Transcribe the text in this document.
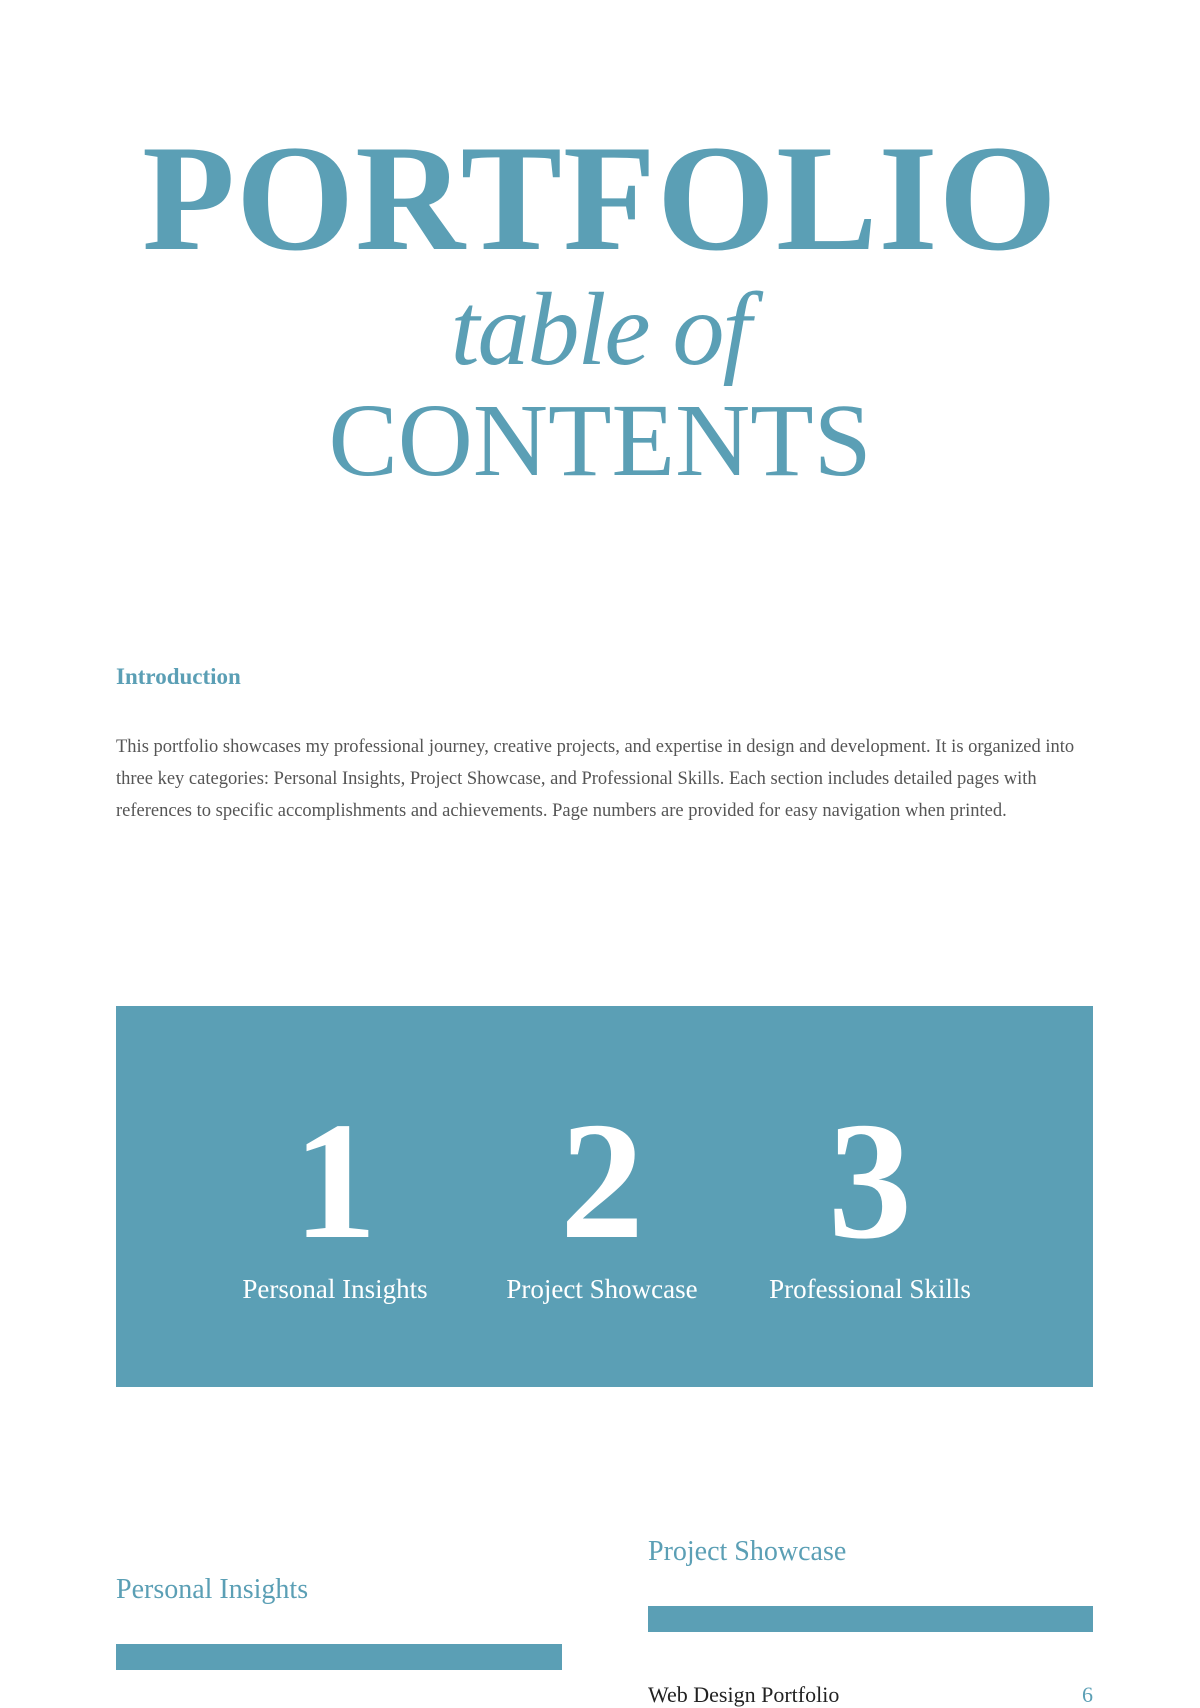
PORTFOLIO
table of
CONTENTS
Introduction
This portfolio showcases my professional journey, creative projects, and expertise in design and development. It is organized into three key categories: Personal Insights, Project Showcase, and Professional Skills. Each section includes detailed pages with references to specific accomplishments and achievements. Page numbers are provided for easy navigation when printed.
1
Personal Insights
2
Project Showcase
3
Professional Skills
Personal Insights
Project Showcase
Web Design Portfolio	6
